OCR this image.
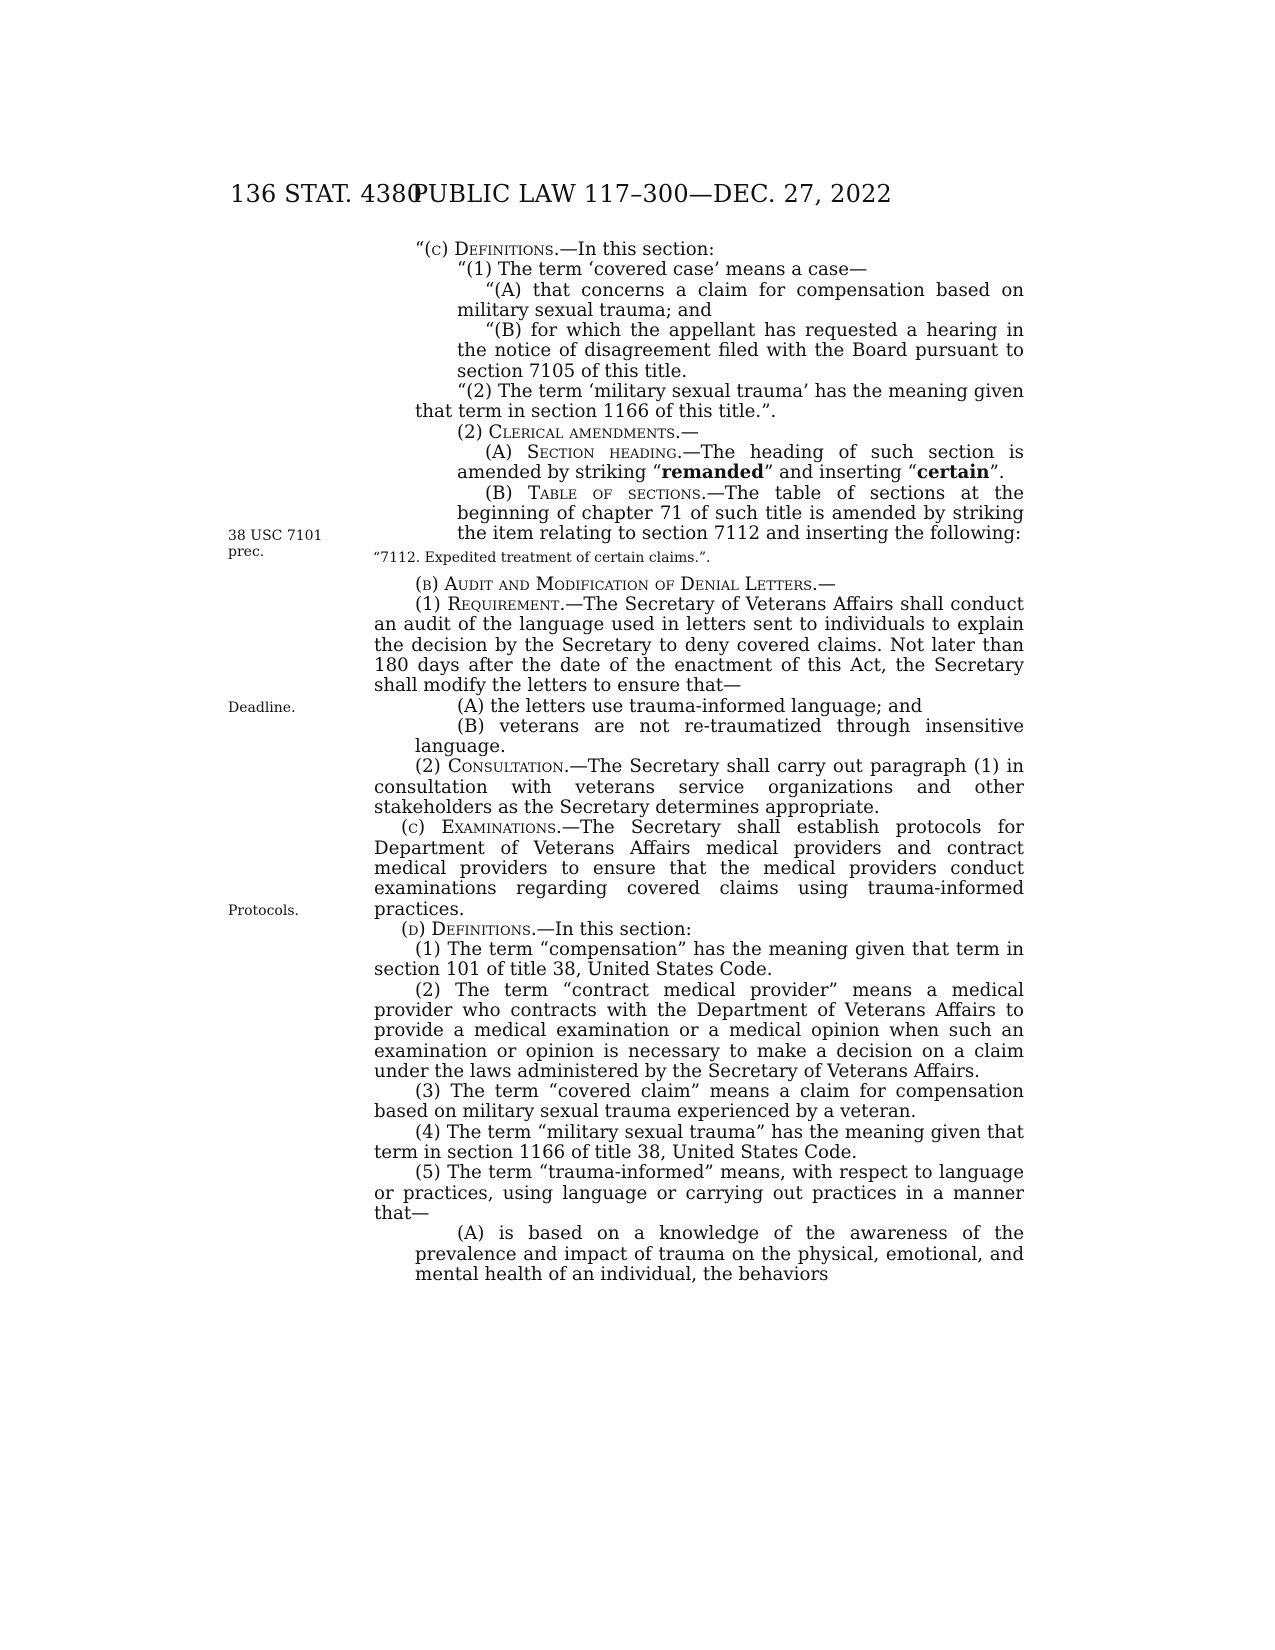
136 STAT. 4380
PUBLIC LAW 117–300—DEC. 27, 2022
38 USC 7101
prec.
Deadline.
Protocols.

“(c) Definitions.—In this section:

“(1) The term ‘covered case’ means a case—

“(A) that concerns a claim for compensation based on military sexual trauma; and

“(B) for which the appellant has requested a hearing in the notice of disagreement filed with the Board pursuant to section 7105 of this title.

“(2) The term ‘military sexual trauma’ has the meaning given that term in section 1166 of this title.”.

(2) Clerical amendments.—

(A) Section heading.—The heading of such section is amended by striking “remanded” and inserting “certain”.

(B) Table of sections.—The table of sections at the beginning of chapter 71 of such title is amended by striking the item relating to section 7112 and inserting the following:

“7112. Expedited treatment of certain claims.”.

(b) Audit and Modification of Denial Letters.—

(1) Requirement.—The Secretary of Veterans Affairs shall conduct an audit of the language used in letters sent to individuals to explain the decision by the Secretary to deny covered claims. Not later than 180 days after the date of the enactment of this Act, the Secretary shall modify the letters to ensure that—

(A) the letters use trauma-informed language; and

(B) veterans are not re-traumatized through insensitive language.

(2) Consultation.—The Secretary shall carry out paragraph (1) in consultation with veterans service organizations and other stakeholders as the Secretary determines appropriate.

(c) Examinations.—The Secretary shall establish protocols for Department of Veterans Affairs medical providers and contract medical providers to ensure that the medical providers conduct examinations regarding covered claims using trauma-informed practices.

(d) Definitions.—In this section:

(1) The term “compensation” has the meaning given that term in section 101 of title 38, United States Code.

(2) The term “contract medical provider” means a medical provider who contracts with the Department of Veterans Affairs to provide a medical examination or a medical opinion when such an examination or opinion is necessary to make a decision on a claim under the laws administered by the Secretary of Veterans Affairs.

(3) The term “covered claim” means a claim for compensation based on military sexual trauma experienced by a veteran.

(4) The term “military sexual trauma” has the meaning given that term in section 1166 of title 38, United States Code.

(5) The term “trauma-informed” means, with respect to language or practices, using language or carrying out practices in a manner that—

(A) is based on a knowledge of the awareness of the prevalence and impact of trauma on the physical, emotional, and mental health of an individual, the behaviors
